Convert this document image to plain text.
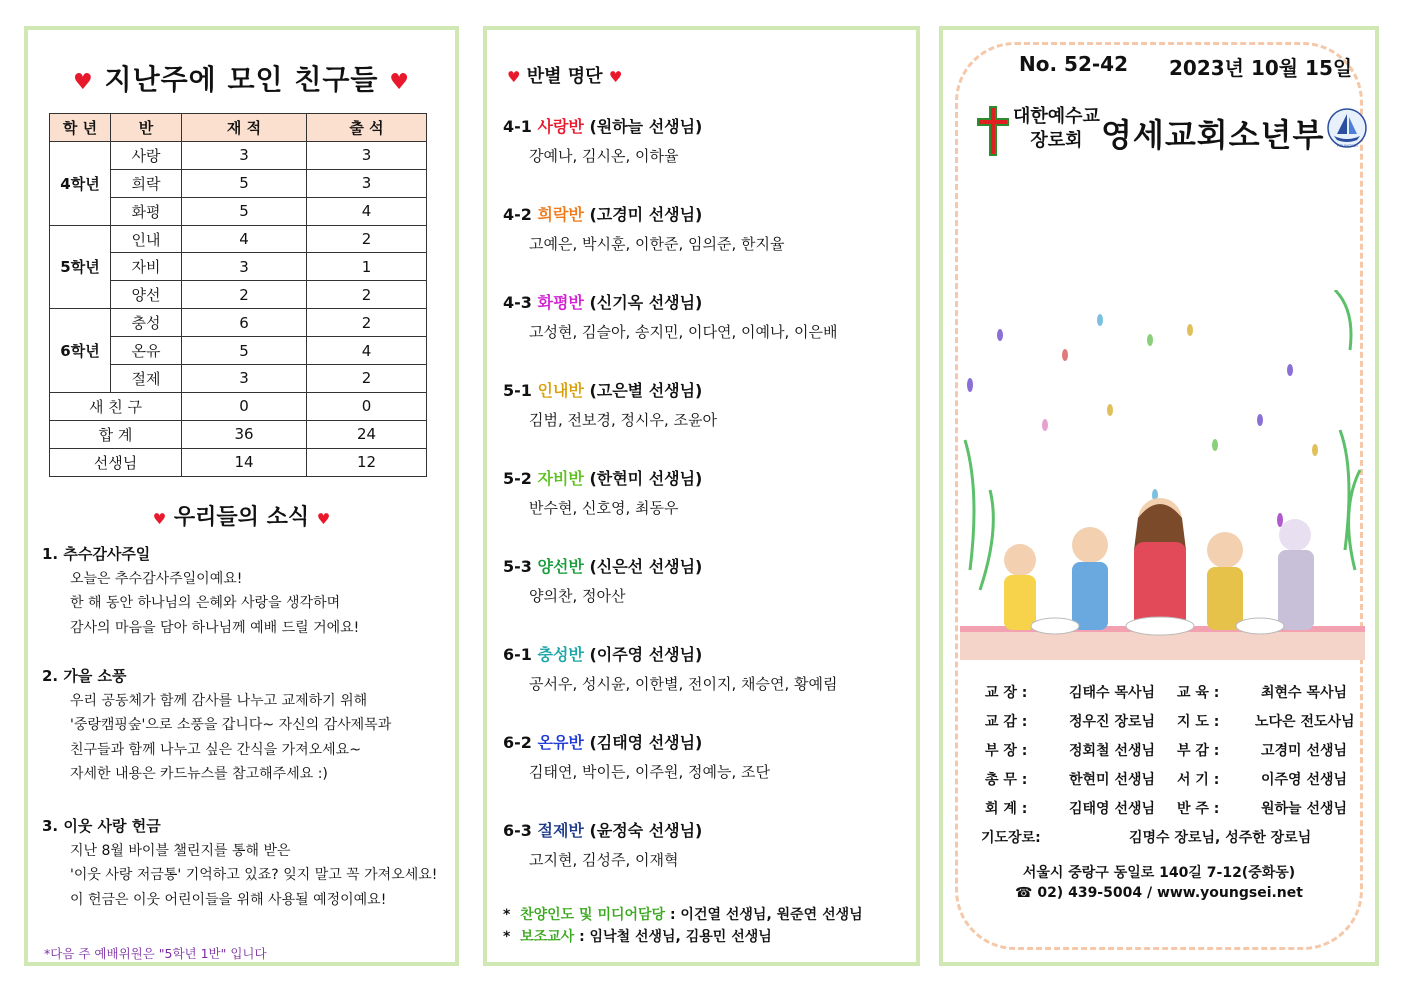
♥ 지난주에 모인 친구들 ♥
학 년	반	재 적	출 석
4학년	사랑	3	3
	희락	5	3
	화평	5	4
5학년	인내	4	2
	자비	3	1
	양선	2	2
6학년	충성	6	2
	온유	5	4
	절제	3	2
새 친 구		0	0
합 계		36	24
선생님		14	12
♥ 우리들의 소식 ♥
1. 추수감사주일
오늘은 추수감사주일이예요!
한 해 동안 하나님의 은혜와 사랑을 생각하며
감사의 마음을 담아 하나님께 예배 드릴 거에요!
2. 가을 소풍
우리 공동체가 함께 감사를 나누고 교제하기 위해
'중랑캠핑숲'으로 소풍을 갑니다~ 자신의 감사제목과
친구들과 함께 나누고 싶은 간식을 가져오세요~
자세한 내용은 카드뉴스를 참고해주세요 :)
3. 이웃 사랑 헌금
지난 8월 바이블 챌린지를 통해 받은
'이웃 사랑 저금통' 기억하고 있죠? 잊지 말고 꼭 가져오세요!
이 헌금은 이웃 어린이들을 위해 사용될 예정이예요!
*다음 주 예배위원은 "5학년 1반" 입니다
♥ 반별 명단 ♥
4-1 사랑반 (원하늘 선생님)
강예나, 김시온, 이하율
4-2 희락반 (고경미 선생님)
고예은, 박시훈, 이한준, 임의준, 한지율
4-3 화평반 (신기옥 선생님)
고성현, 김슬아, 송지민, 이다연, 이예나, 이은배
5-1 인내반 (고은별 선생님)
김범, 전보경, 정시우, 조윤아
5-2 자비반 (한현미 선생님)
반수현, 신호영, 최동우
5-3 양선반 (신은선 선생님)
양의찬, 정아산
6-1 충성반 (이주영 선생님)
공서우, 성시윤, 이한별, 전이지, 채승연, 황예림
6-2 온유반 (김태영 선생님)
김태연, 박이든, 이주원, 정예능, 조단
6-3 절제반 (윤정숙 선생님)
고지현, 김성주, 이재혁
* 찬양인도 및 미디어담당 : 이건열 선생님, 원준연 선생님
* 보조교사 : 임낙철 선생님, 김용민 선생님
No. 52-42 2023년 10월 15일
대한예수교
장로회 영세교회소년부	YOUNGSEI
교 장 :	김태수 목사님 교 육 :	최현수 목사님
교 감 :	정우진 장로님 지 도 :	노다은 전도사님
부 장 :	정회철 선생님 부 감 :	고경미 선생님
총 무 :	한현미 선생님 서 기 :	이주영 선생님
회 계 :	김태영 선생님 반 주 :	원하늘 선생님
기도장로:	김명수 장로님, 성주한 장로님
서울시 중랑구 동일로 140길 7-12(중화동)
☎ 02) 439-5004 / www.youngsei.net
